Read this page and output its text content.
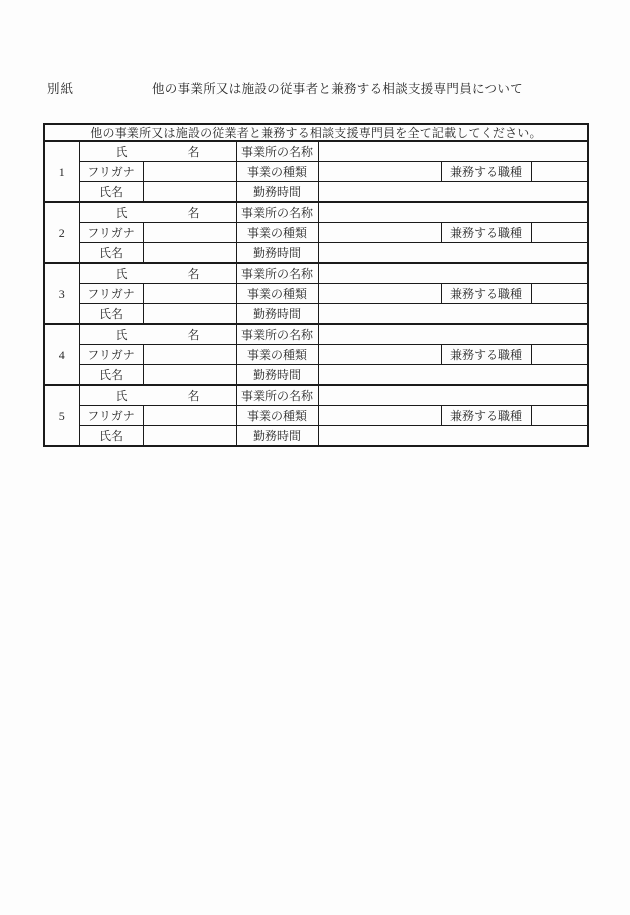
別紙	他の事業所又は施設の従事者と兼務する相談支援専門員について
他の事業所又は施設の従業者と兼務する相談支援専門員を全て記載してください。						
1	氏　　　　　名		事業所の名称			
	フリガナ		事業の種類		兼務する職種	
	氏名		勤務時間			
2	氏　　　　　名		事業所の名称			
	フリガナ		事業の種類		兼務する職種	
	氏名		勤務時間			
3	氏　　　　　名		事業所の名称			
	フリガナ		事業の種類		兼務する職種	
	氏名		勤務時間			
4	氏　　　　　名		事業所の名称			
	フリガナ		事業の種類		兼務する職種	
	氏名		勤務時間			
5	氏　　　　　名		事業所の名称			
	フリガナ		事業の種類		兼務する職種	
	氏名		勤務時間			
